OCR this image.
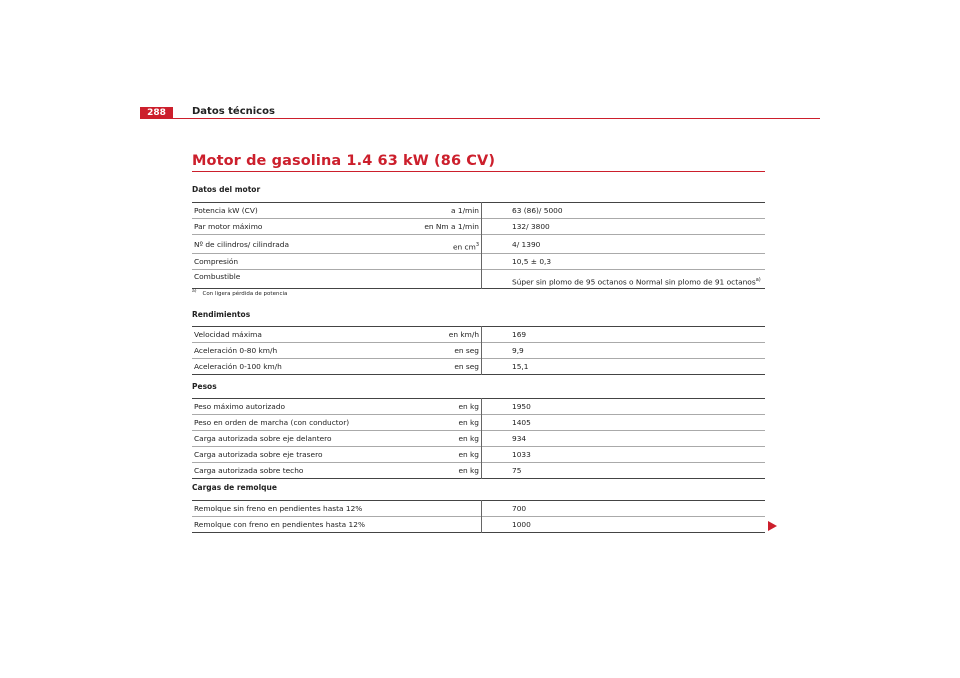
288	Datos técnicos
Motor de gasolina 1.4 63 kW (86 CV)
Datos del motor
Potencia kW (CV)	a 1/min	63 (86)/ 5000
Par motor máximo	en Nm a 1/min	132/ 3800
Nº de cilindros/ cilindrada	en $cm^3$	4/ 1390
Compresión		10,5 ± 0,3
Combustible		Súper sin plomo de 95 octanos o Normal sin plomo de 91 octanos$^{a)}$
$^{a)}$ Con ligera pérdida de potencia
Rendimientos
Velocidad máxima	en km/h	169
Aceleración 0-80 km/h	en seg	9,9
Aceleración 0-100 km/h	en seg	15,1
Pesos
Peso máximo autorizado	en kg	1950
Peso en orden de marcha (con conductor)	en kg	1405
Carga autorizada sobre eje delantero	en kg	934
Carga autorizada sobre eje trasero	en kg	1033
Carga autorizada sobre techo	en kg	75
Cargas de remolque
Remolque sin freno en pendientes hasta 12%		700
Remolque con freno en pendientes hasta 12%		1000
